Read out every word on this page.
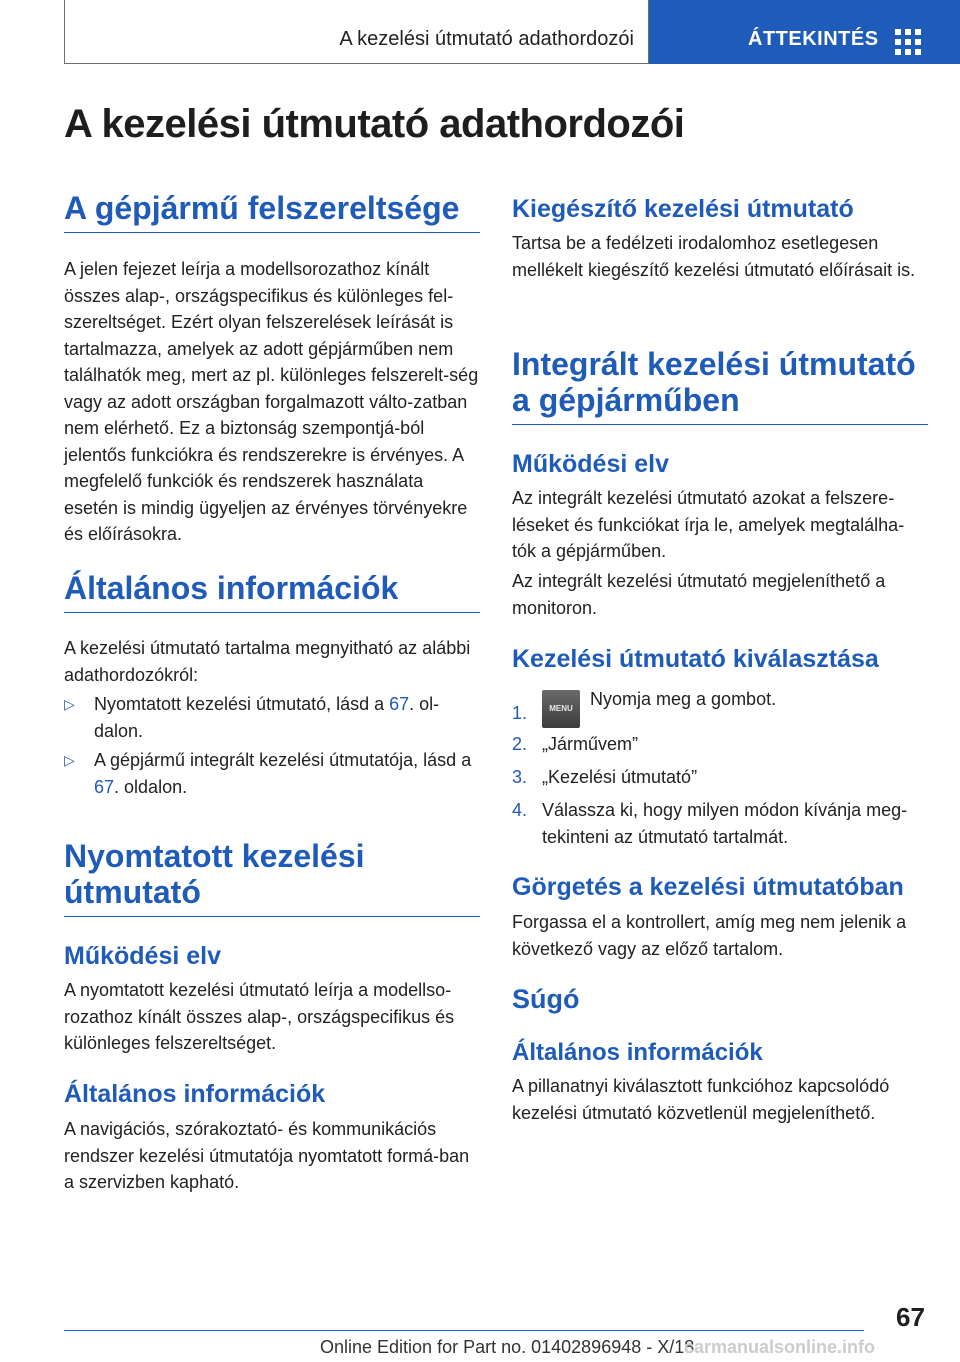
A kezelési útmutató adathordozói	ÁTTEKINTÉS
A kezelési útmutató adathordozói
A gépjármű felszereltsége

A jelen fejezet leírja a modellsorozathoz kínált összes alap-, országspecifikus és különleges fel-szereltséget. Ezért olyan felszerelések leírását is tartalmazza, amelyek az adott gépjárműben nem találhatók meg, mert az pl. különleges felszerelt-ség vagy az adott országban forgalmazott válto-zatban nem elérhető. Ez a biztonság szempontjá-ból jelentős funkciókra és rendszerekre is érvényes. A megfelelő funkciók és rendszerek használata esetén is mindig ügyeljen az érvényes törvényekre és előírásokra.

Általános információk

A kezelési útmutató tartalma megnyitható az alábbi adathordozókról:

▷ Nyomtatott kezelési útmutató, lásd a 67. ol-dalon.
▷ A gépjármű integrált kezelési útmutatója, lásd a 67. oldalon.
Nyomtatott kezelési útmutató
Működési elv

A nyomtatott kezelési útmutató leírja a modellso-rozathoz kínált összes alap-, országspecifikus és különleges felszereltséget.

Általános információk

A navigációs, szórakoztató- és kommunikációs rendszer kezelési útmutatója nyomtatott formá-ban a szervizben kapható.

Kiegészítő kezelési útmutató

Tartsa be a fedélzeti irodalomhoz esetlegesen mellékelt kiegészítő kezelési útmutató előírásait is.

Integrált kezelési útmutató a gépjárműben
Működési elv

Az integrált kezelési útmutató azokat a felszere-léseket és funkciókat írja le, amelyek megtalálha-tók a gépjárműben.

Az integrált kezelési útmutató megjeleníthető a monitoron.

Kezelési útmutató kiválasztása
1.	MENU Nyomja meg a gombot.
2. „Járművem”
3. „Kezelési útmutató”
4. Válassza ki, hogy milyen módon kívánja meg-tekinteni az útmutató tartalmát.
Görgetés a kezelési útmutatóban

Forgassa el a kontrollert, amíg meg nem jelenik a következő vagy az előző tartalom.

Súgó
Általános információk

A pillanatnyi kiválasztott funkcióhoz kapcsolódó kezelési útmutató közvetlenül megjeleníthető.

67
Online Edition for Part no. 01402896948 - X/18
carmanualsonline.info
